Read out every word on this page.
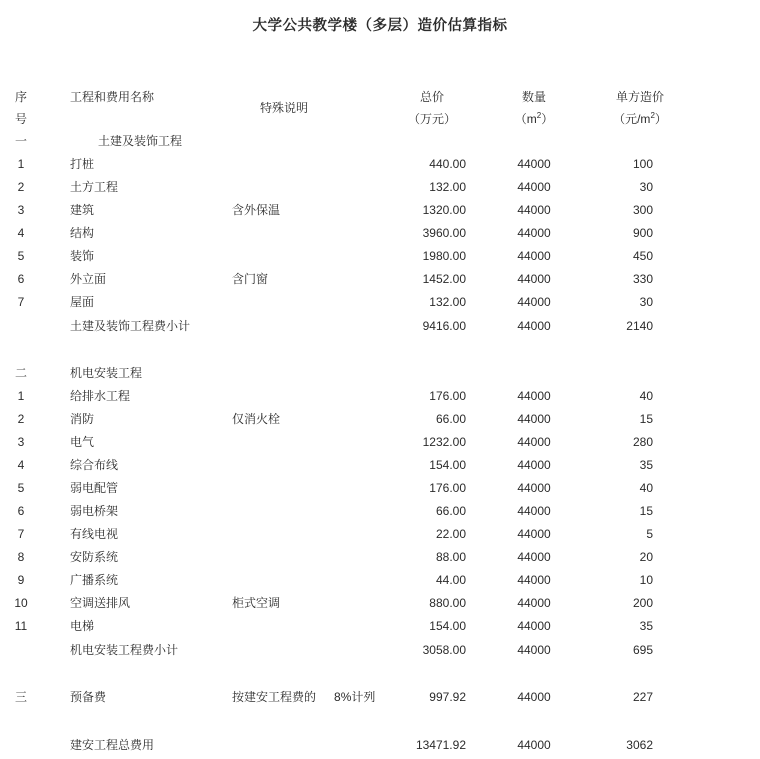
大学公共教学楼（多层）造价估算指标
序	工程和费用名称	特殊说明	总价	数量	单方造价	
号			（万元）	$(m^2)$	（元$/m^2$）	
一	土建及装饰工程					
1	打桩		440.00	44000	100	
2	土方工程		132.00	44000	30	
3	建筑	含外保温	1320.00	44000	300	
4	结构		3960.00	44000	900	
5	装饰		1980.00	44000	450	
6	外立面	含门窗	1452.00	44000	330	
7	屋面		132.00	44000	30	
	土建及装饰工程费小计		9416.00	44000	2140	

二	机电安装工程					
1	给排水工程		176.00	44000	40	
2	消防	仅消火栓	66.00	44000	15	
3	电气		1232.00	44000	280	
4	综合布线		154.00	44000	35	
5	弱电配管		176.00	44000	40	
6	弱电桥架		66.00	44000	15	
7	有线电视		22.00	44000	5	
8	安防系统		88.00	44000	20	
9	广播系统		44.00	44000	10	
10	空调送排风	柜式空调	880.00	44000	200	
11	电梯		154.00	44000	35	
	机电安装工程费小计		3058.00	44000	695	

三	预备费	按建安工程费的 8%计列	997.92	44000	227	

	建安工程总费用		13471.92	44000	3062	
